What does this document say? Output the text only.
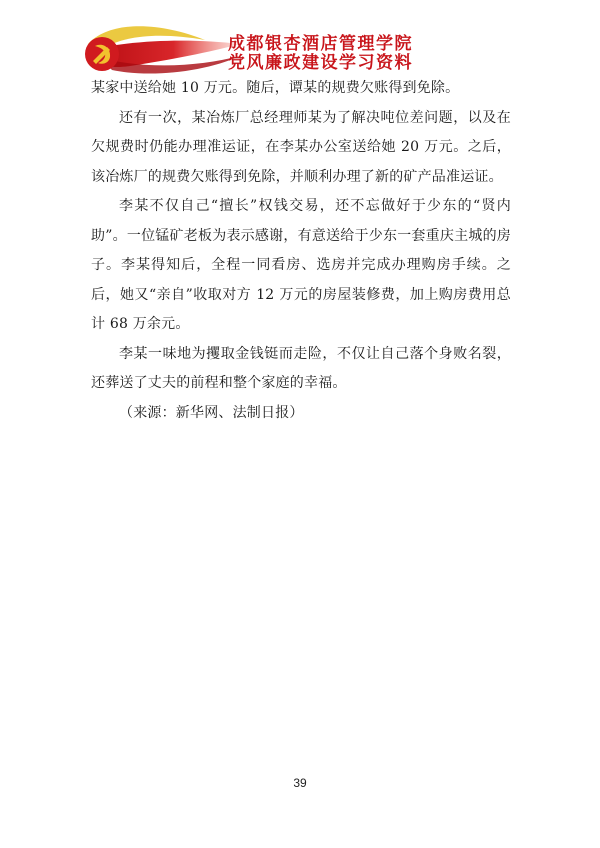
成都银杏酒店管理学院
党风廉政建设学习资料

某家中送给她 10 万元。随后，谭某的规费欠账得到免除。

还有一次，某冶炼厂总经理师某为了解决吨位差问题，以及在欠规费时仍能办理准运证，在李某办公室送给她 20 万元。之后，该冶炼厂的规费欠账得到免除，并顺利办理了新的矿产品准运证。

李某不仅自己“擅长”权钱交易，还不忘做好于少东的“贤内助”。一位锰矿老板为表示感谢，有意送给于少东一套重庆主城的房子。李某得知后，全程一同看房、选房并完成办理购房手续。之后，她又“亲自”收取对方 12 万元的房屋装修费，加上购房费用总计 68 万余元。

李某一味地为攫取金钱铤而走险，不仅让自己落个身败名裂，还葬送了丈夫的前程和整个家庭的幸福。

（来源：新华网、法制日报）

39
